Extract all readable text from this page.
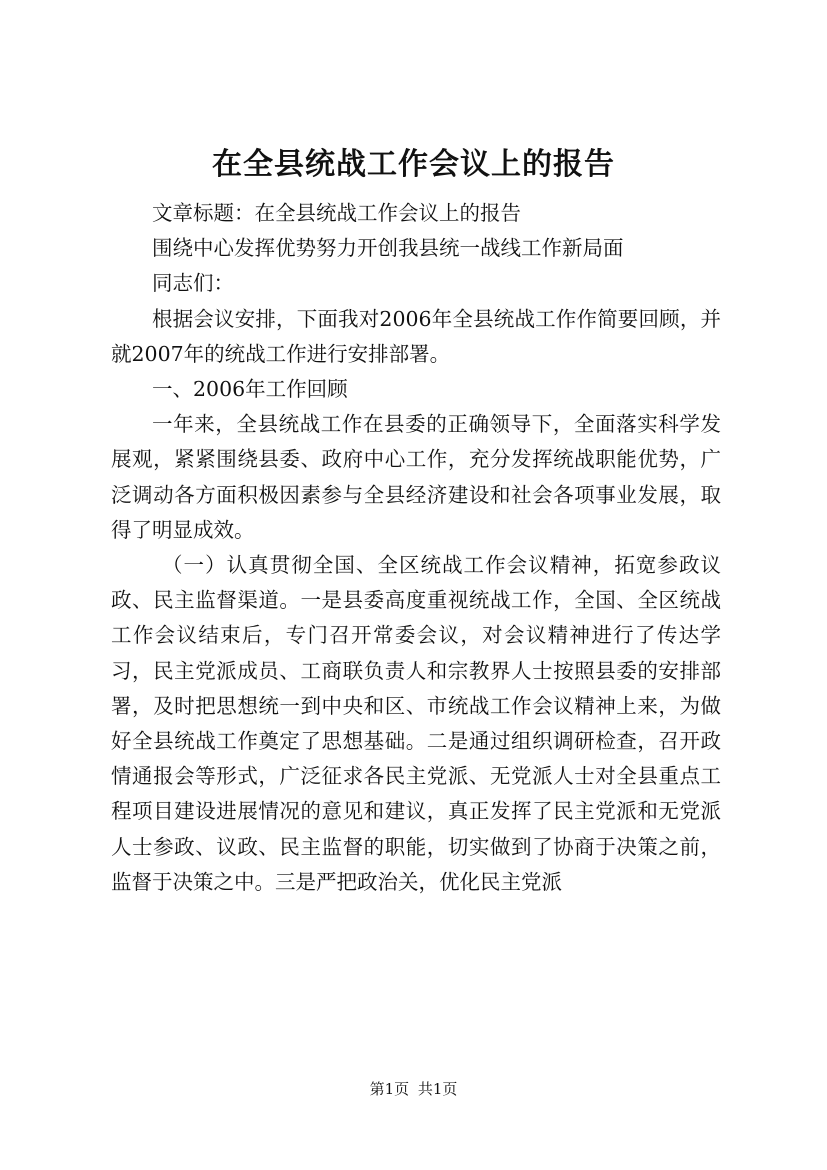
在全县统战工作会议上的报告

文章标题：在全县统战工作会议上的报告

围绕中心发挥优势努力开创我县统一战线工作新局面

同志们：

根据会议安排，下面我对2006年全县统战工作作简要回顾，并就2007年的统战工作进行安排部署。

一、2006年工作回顾

一年来，全县统战工作在县委的正确领导下，全面落实科学发展观，紧紧围绕县委、政府中心工作，充分发挥统战职能优势，广泛调动各方面积极因素参与全县经济建设和社会各项事业发展，取得了明显成效。

（一）认真贯彻全国、全区统战工作会议精神，拓宽参政议政、民主监督渠道。一是县委高度重视统战工作，全国、全区统战工作会议结束后，专门召开常委会议，对会议精神进行了传达学习，民主党派成员、工商联负责人和宗教界人士按照县委的安排部署，及时把思想统一到中央和区、市统战工作会议精神上来，为做好全县统战工作奠定了思想基础。二是通过组织调研检查，召开政情通报会等形式，广泛征求各民主党派、无党派人士对全县重点工程项目建设进展情况的意见和建议，真正发挥了民主党派和无党派人士参政、议政、民主监督的职能，切实做到了协商于决策之前，监督于决策之中。三是严把政治关，优化民主党派

第1页 共1页
